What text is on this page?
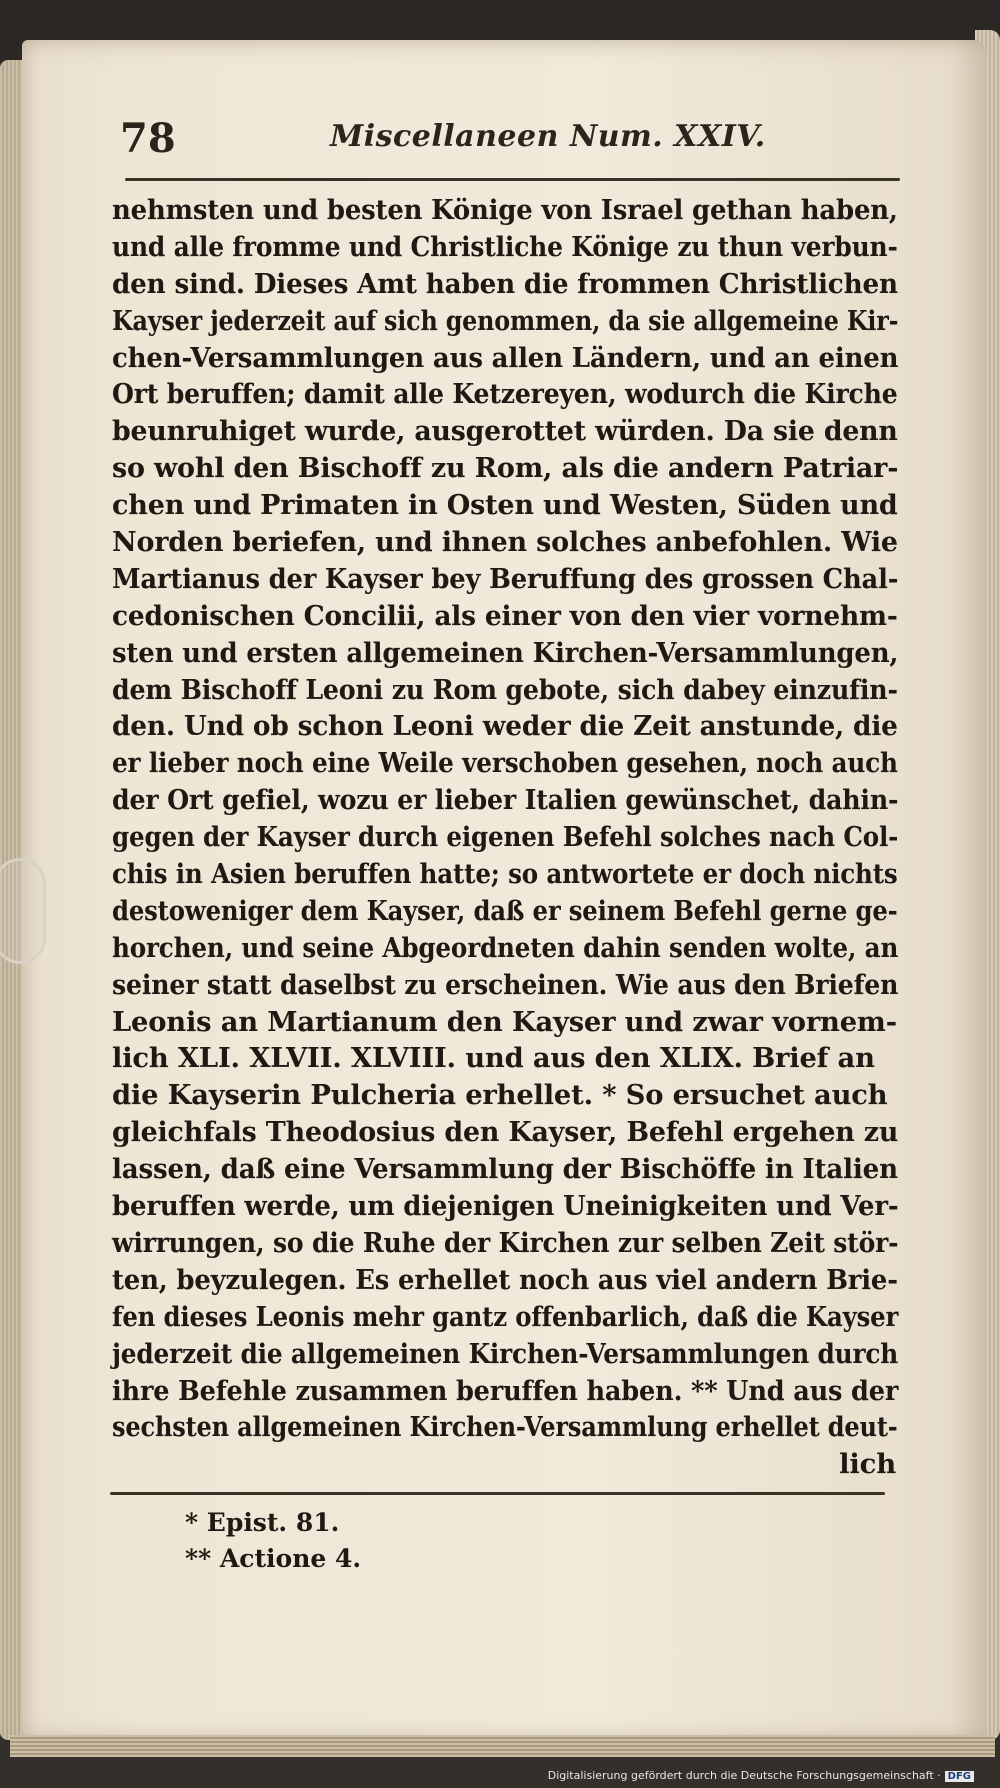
78	Miscellaneen Num. XXIV.
nehmsten und besten Könige von Israel gethan haben,
und alle fromme und Christliche Könige zu thun verbun-
den sind. Dieses Amt haben die frommen Christlichen
Kayser jederzeit auf sich genommen, da sie allgemeine Kir-
chen-Versammlungen aus allen Ländern, und an einen
Ort beruffen; damit alle Ketzereyen, wodurch die Kirche
beunruhiget wurde, ausgerottet würden. Da sie denn
so wohl den Bischoff zu Rom, als die andern Patriar-
chen und Primaten in Osten und Westen, Süden und
Norden beriefen, und ihnen solches anbefohlen. Wie
Martianus der Kayser bey Beruffung des grossen Chal-
cedonischen Concilii, als einer von den vier vornehm-
sten und ersten allgemeinen Kirchen-Versammlungen,
dem Bischoff Leoni zu Rom gebote, sich dabey einzufin-
den. Und ob schon Leoni weder die Zeit anstunde, die
er lieber noch eine Weile verschoben gesehen, noch auch
der Ort gefiel, wozu er lieber Italien gewünschet, dahin-
gegen der Kayser durch eigenen Befehl solches nach Col-
chis in Asien beruffen hatte; so antwortete er doch nichts
destoweniger dem Kayser, daß er seinem Befehl gerne ge-
horchen, und seine Abgeordneten dahin senden wolte, an
seiner statt daselbst zu erscheinen. Wie aus den Briefen
Leonis an Martianum den Kayser und zwar vornem-
lich XLI. XLVII. XLVIII. und aus den XLIX. Brief an
die Kayserin Pulcheria erhellet. * So ersuchet auch
gleichfals Theodosius den Kayser, Befehl ergehen zu
lassen, daß eine Versammlung der Bischöffe in Italien
beruffen werde, um diejenigen Uneinigkeiten und Ver-
wirrungen, so die Ruhe der Kirchen zur selben Zeit stör-
ten, beyzulegen. Es erhellet noch aus viel andern Brie-
fen dieses Leonis mehr gantz offenbarlich, daß die Kayser
jederzeit die allgemeinen Kirchen-Versammlungen durch
ihre Befehle zusammen beruffen haben. ** Und aus der
sechsten allgemeinen Kirchen-Versammlung erhellet deut-
lich
* Epist. 81.
** Actione 4.
Digitalisierung gefördert durch die Deutsche Forschungsgemeinschaft · DFG
